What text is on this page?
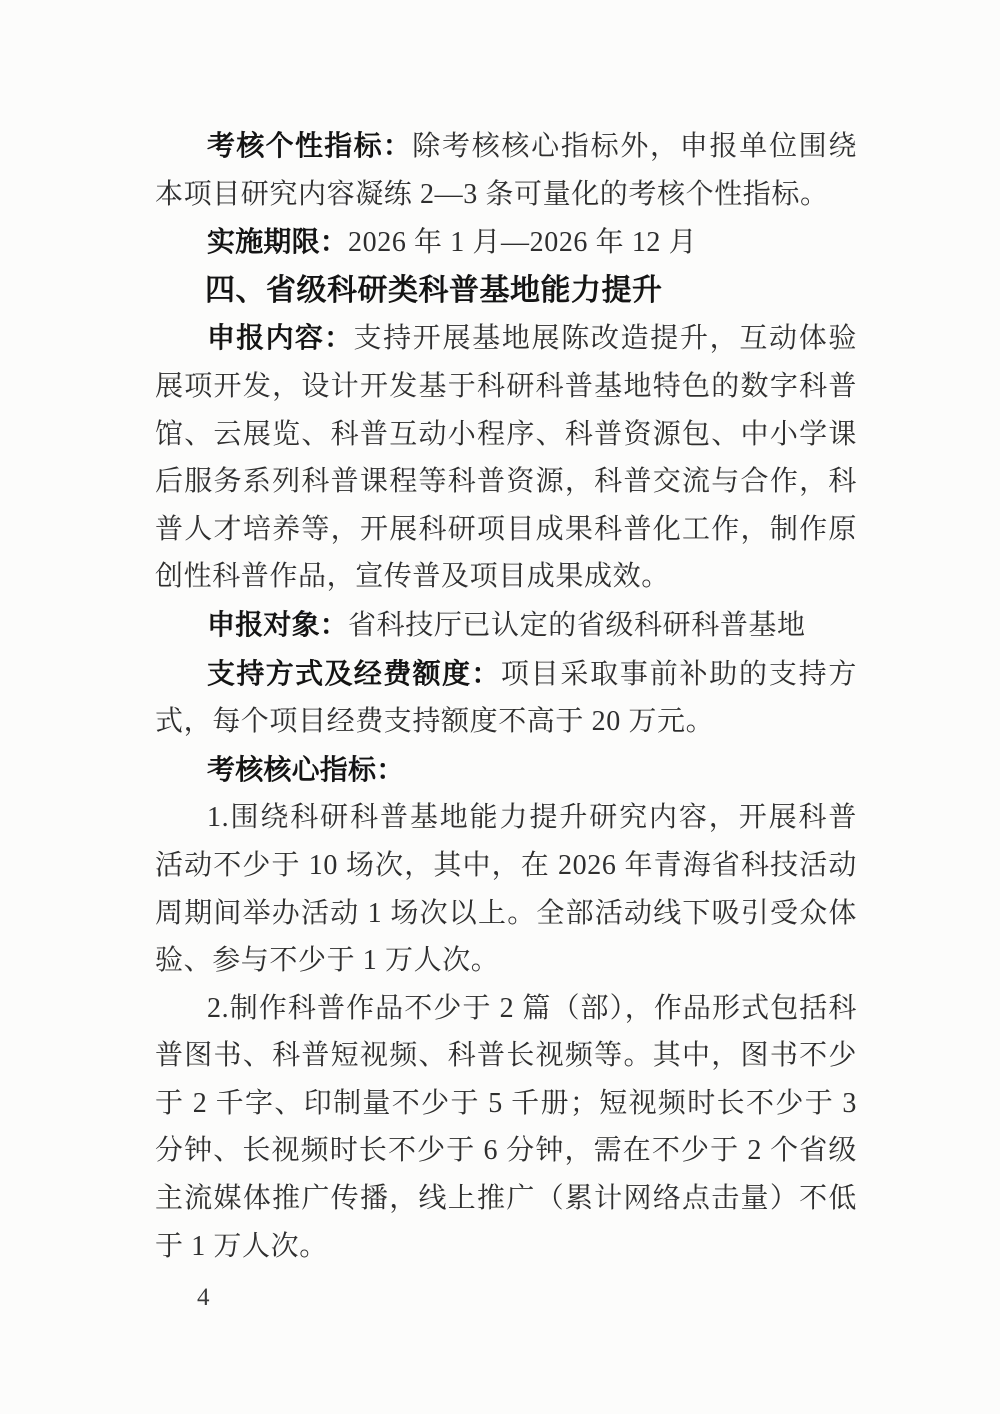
考核个性指标：除考核核心指标外，申报单位围绕本项目研究内容凝练 2—3 条可量化的考核个性指标。

实施期限：2026 年 1 月—2026 年 12 月

四、省级科研类科普基地能力提升

申报内容：支持开展基地展陈改造提升，互动体验展项开发，设计开发基于科研科普基地特色的数字科普馆、云展览、科普互动小程序、科普资源包、中小学课后服务系列科普课程等科普资源，科普交流与合作，科普人才培养等，开展科研项目成果科普化工作，制作原创性科普作品，宣传普及项目成果成效。

申报对象：省科技厅已认定的省级科研科普基地

支持方式及经费额度：项目采取事前补助的支持方式，每个项目经费支持额度不高于 20 万元。

考核核心指标：

1.围绕科研科普基地能力提升研究内容，开展科普活动不少于 10 场次，其中，在 2026 年青海省科技活动周期间举办活动 1 场次以上。全部活动线下吸引受众体验、参与不少于 1 万人次。

2.制作科普作品不少于 2 篇（部），作品形式包括科普图书、科普短视频、科普长视频等。其中，图书不少于 2 千字、印制量不少于 5 千册；短视频时长不少于 3 分钟、长视频时长不少于 6 分钟，需在不少于 2 个省级主流媒体推广传播，线上推广（累计网络点击量）不低于 1 万人次。

4
